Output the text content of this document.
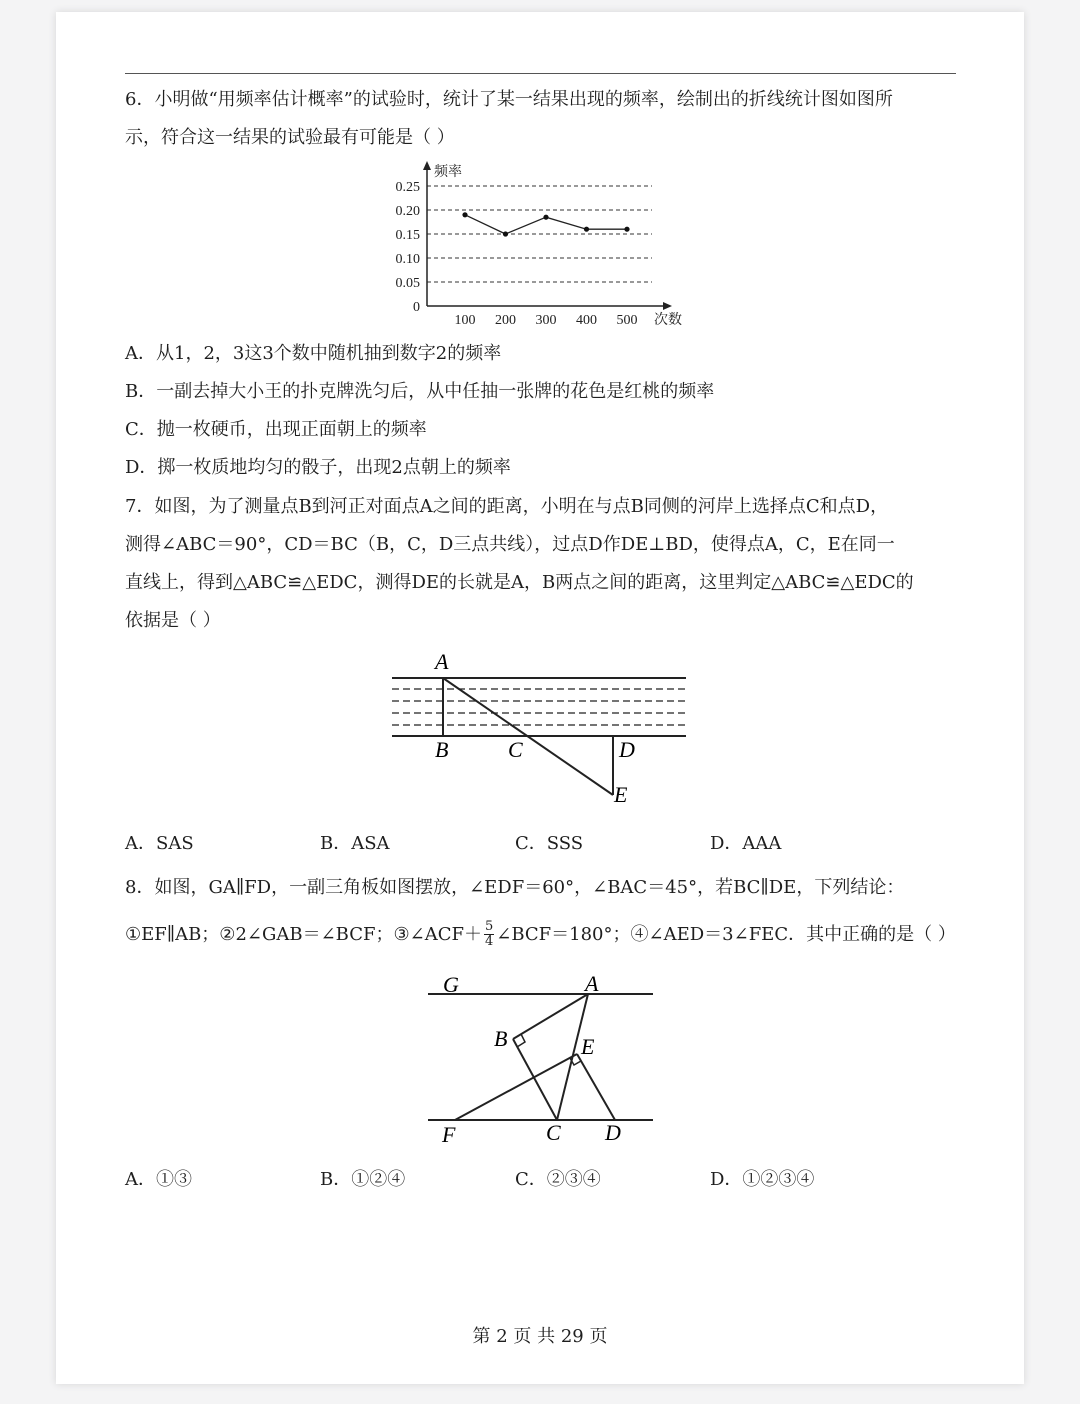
6．小明做“用频率估计概率”的试验时，统计了某一结果出现的频率，绘制出的折线统计图如图所
示，符合这一结果的试验最有可能是（ ）
0.25
0.20
0.15
0.10
0.05
0
频率
次数
100 200 300 400 500
A．从1，2，3这3个数中随机抽到数字2的频率
B．一副去掉大小王的扑克牌洗匀后，从中任抽一张牌的花色是红桃的频率
C．抛一枚硬币，出现正面朝上的频率
D．掷一枚质地均匀的骰子，出现2点朝上的频率
7．如图，为了测量点B到河正对面点A之间的距离，小明在与点B同侧的河岸上选择点C和点D，
测得∠ABC＝90°，CD＝BC（B，C，D三点共线），过点D作DE⊥BD，使得点A，C，E在同一
直线上，得到△ABC≌△EDC，测得DE的长就是A，B两点之间的距离，这里判定△ABC≌△EDC的
依据是（ ）
A
B	C	D
E
A．SAS	B．ASA	C．SSS	D．AAA
8．如图，GA∥FD，一副三角板如图摆放，∠EDF＝60°，∠BAC＝45°，若BC∥DE，下列结论：
①EF∥AB；②2∠GAB＝∠BCF；③∠ACF＋ $\frac{5}{4}$ ∠BCF＝180°；④∠AED＝3∠FEC．其中正确的是（ ）
G	A
B	E
F	C D
A．①③	B．①②④	C．②③④	D．①②③④
第 2 页 共 29 页
